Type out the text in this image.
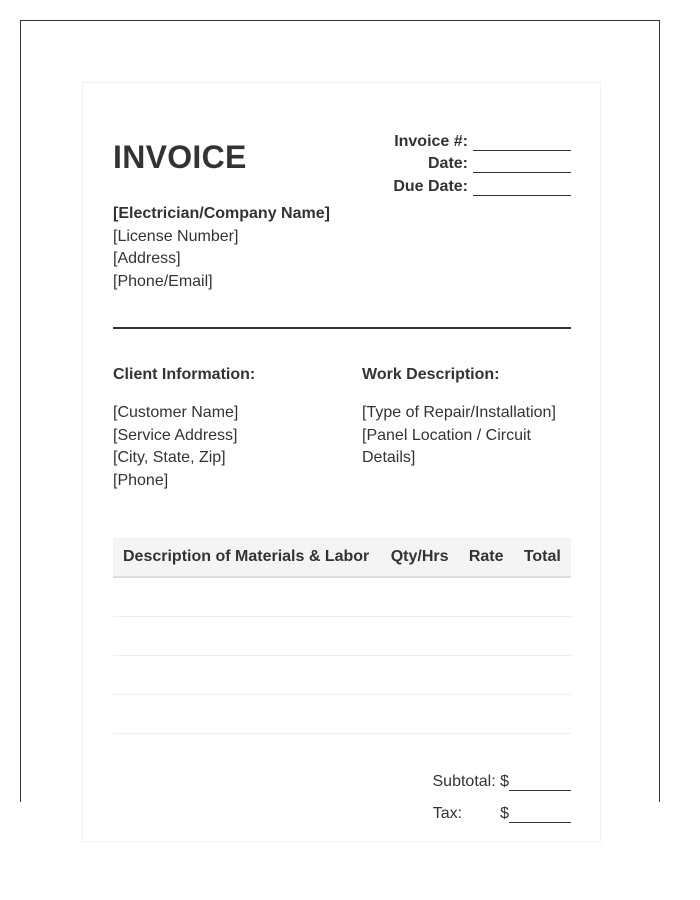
INVOICE	Invoice #:
Date:
Due Date:
[Electrician/Company Name]
[License Number]
[Address]
[Phone/Email]
Client Information:
[Customer Name]
[Service Address]
[City, State, Zip]
[Phone]
Work Description:
[Type of Repair/Installation]
[Panel Location / Circuit Details]
Description of Materials & Labor	Qty/Hrs	Rate	Total

Subtotal: $
Tax: $
